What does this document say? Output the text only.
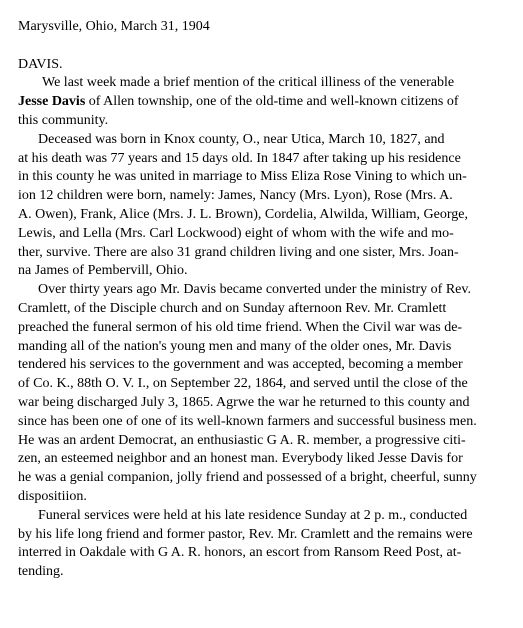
Marysville, Ohio, March 31, 1904

DAVIS.

We last week made a brief mention of the critical illiness of the venerable
Jesse Davis of Allen township, one of the old-time and well-known citizens of
this community.

Deceased was born in Knox county, O., near Utica, March 10, 1827, and
at his death was 77 years and 15 days old. In 1847 after taking up his residence
in this county he was united in marriage to Miss Eliza Rose Vining to which un-
ion 12 children were born, namely: James, Nancy (Mrs. Lyon), Rose (Mrs. A.
A. Owen), Frank, Alice (Mrs. J. L. Brown), Cordelia, Alwilda, William, George,
Lewis, and Lella (Mrs. Carl Lockwood) eight of whom with the wife and mo-
ther, survive. There are also 31 grand children living and one sister, Mrs. Joan-
na James of Pembervill, Ohio.

Over thirty years ago Mr. Davis became converted under the ministry of Rev.
Cramlett, of the Disciple church and on Sunday afternoon Rev. Mr. Cramlett
preached the funeral sermon of his old time friend. When the Civil war was de-
manding all of the nation's young men and many of the older ones, Mr. Davis
tendered his services to the government and was accepted, becoming a member
of Co. K., 88th O. V. I., on September 22, 1864, and served until the close of the
war being discharged July 3, 1865. Agrwe the war he returned to this county and
since has been one of one of its well-known farmers and successful business men.
He was an ardent Democrat, an enthusiastic G A. R. member, a progressive citi-
zen, an esteemed neighbor and an honest man. Everybody liked Jesse Davis for
he was a genial companion, jolly friend and possessed of a bright, cheerful, sunny
dispositiion.

Funeral services were held at his late residence Sunday at 2 p. m., conducted
by his life long friend and former pastor, Rev. Mr. Cramlett and the remains were
interred in Oakdale with G A. R. honors, an escort from Ransom Reed Post, at-
tending.
